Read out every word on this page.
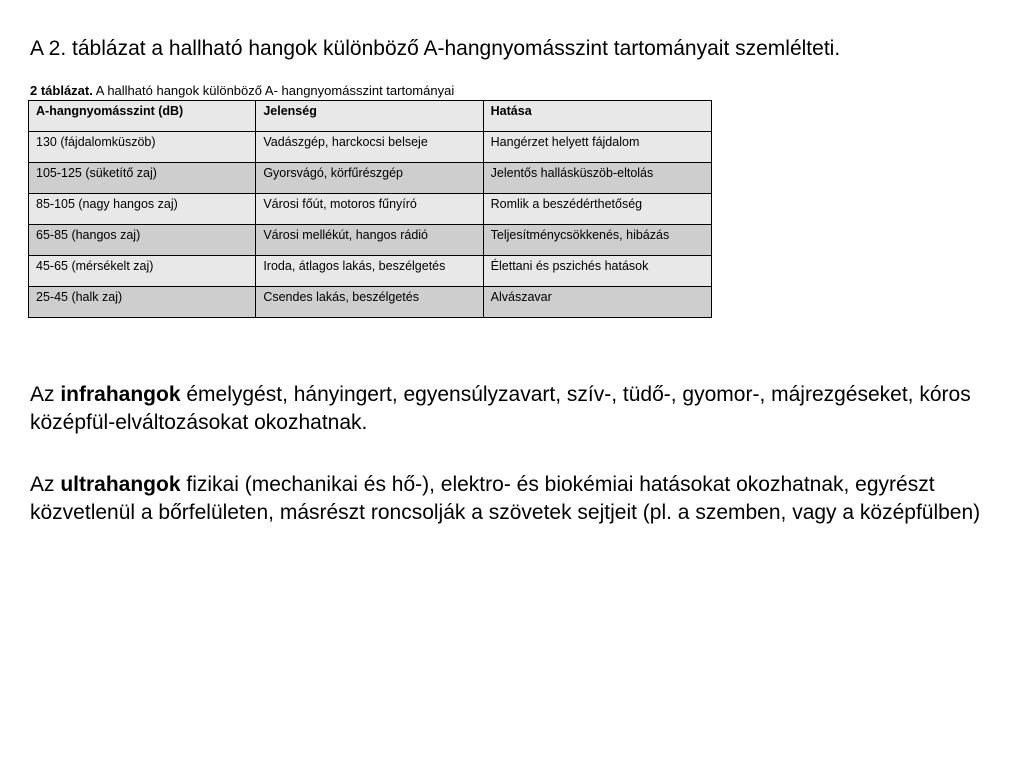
A 2. táblázat a hallható hangok különböző A-hangnyomásszint tartományait szemlélteti.

2 táblázat. A hallható hangok különböző A- hangnyomásszint tartományai

A-hangnyomásszint (dB)	Jelenség	Hatása
130 (fájdalomküszöb)	Vadászgép, harckocsi belseje	Hangérzet helyett fájdalom
105-125 (süketítő zaj)	Gyorsvágó, körfűrészgép	Jelentős hallásküszöb-eltolás
85-105 (nagy hangos zaj)	Városi főút, motoros fűnyíró	Romlik a beszédérthetőség
65-85 (hangos zaj)	Városi mellékút, hangos rádió	Teljesítménycsökkenés, hibázás
45-65 (mérsékelt zaj)	Iroda, átlagos lakás, beszélgetés	Élettani és pszichés hatások
25-45 (halk zaj)	Csendes lakás, beszélgetés	Alvászavar

Az infrahangok émelygést, hányingert, egyensúlyzavart, szív-, tüdő-, gyomor-, májrezgéseket, kóros középfül-elváltozásokat okozhatnak.

Az ultrahangok fizikai (mechanikai és hő-), elektro- és biokémiai hatásokat okozhatnak, egyrészt közvetlenül a bőrfelületen, másrészt roncsolják a szövetek sejtjeit (pl. a szemben, vagy a középfülben)
